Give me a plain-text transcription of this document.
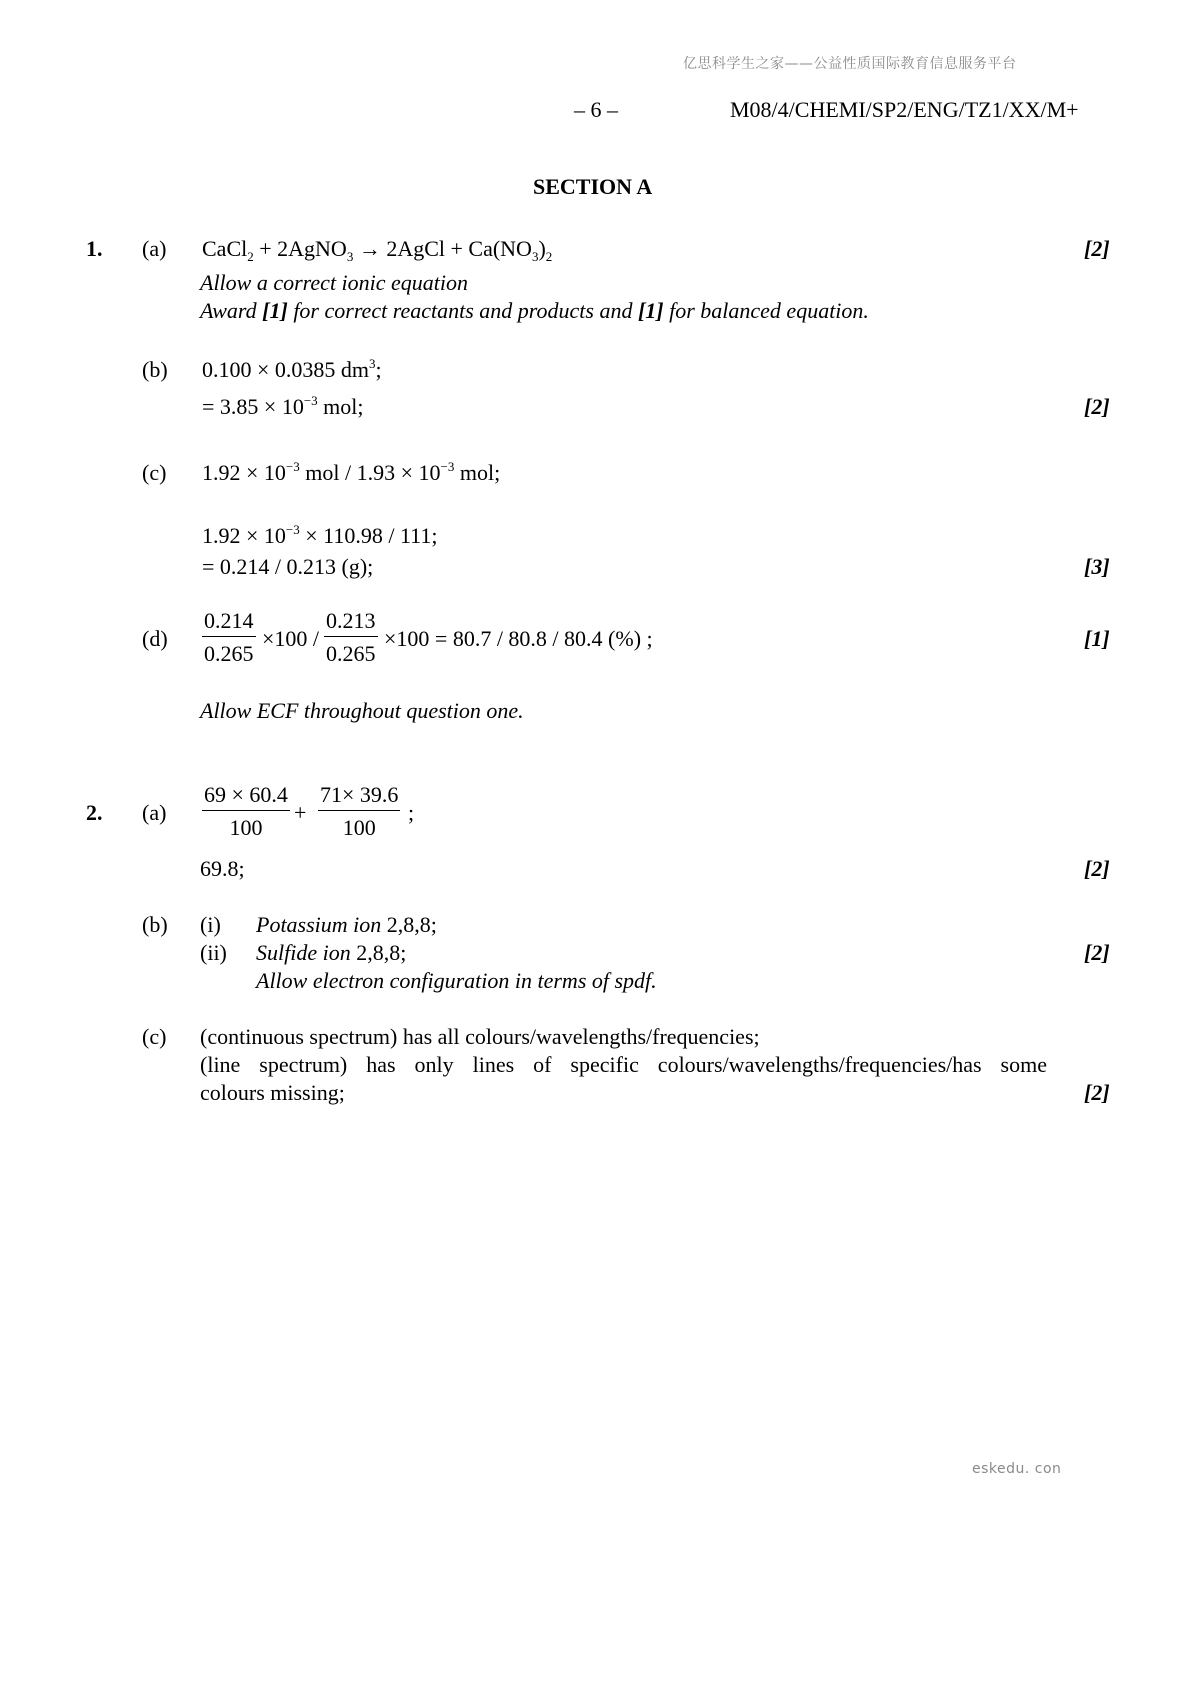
亿思科学生之家——公益性质国际教育信息服务平台
eskedu. con
– 6 –	M08/4/CHEMI/SP2/ENG/TZ1/XX/M+
SECTION A
1. (a) CaCl$_2$ + 2AgNO$_3$ → 2AgCl + $Ca(NO_3)_2$	[2]
Allow a correct ionic equation
Award [1] for correct reactants and products and [1] for balanced equation.
(b) 0.100 × 0.0385 $dm^3$;
= $3.85 \times 10^{-3}$ mol;	[2]
(c) $1.92 \times 10^{-3}$ mol / $1.93 \times 10^{-3}$ mol;
$1.92 \times 10^{-3} \times 110.98 / 111$;
= 0.214 / 0.213 (g);	[3]
$(d) \frac{0.214}{0.265} \times 100 / \frac{0.213}{0.265} \times 100 = 80.7 / 80.8 / 80.4$ (%) ;	[1]
Allow ECF throughout question one.
2. $(a) \frac{69 \times 60.4}{100} + \frac{71\times 39.6}{100}$ ;
69.8;	[2]
(b) (i) Potassium ion 2,8,8;
(ii) Sulfide ion 2,8,8;	[2]
Allow electron configuration in terms of spdf.
(c) (continuous spectrum) has all colours/wavelengths/frequencies;
(line spectrum) has only lines of specific colours/wavelengths/frequencies/has some
colours missing;	[2]
